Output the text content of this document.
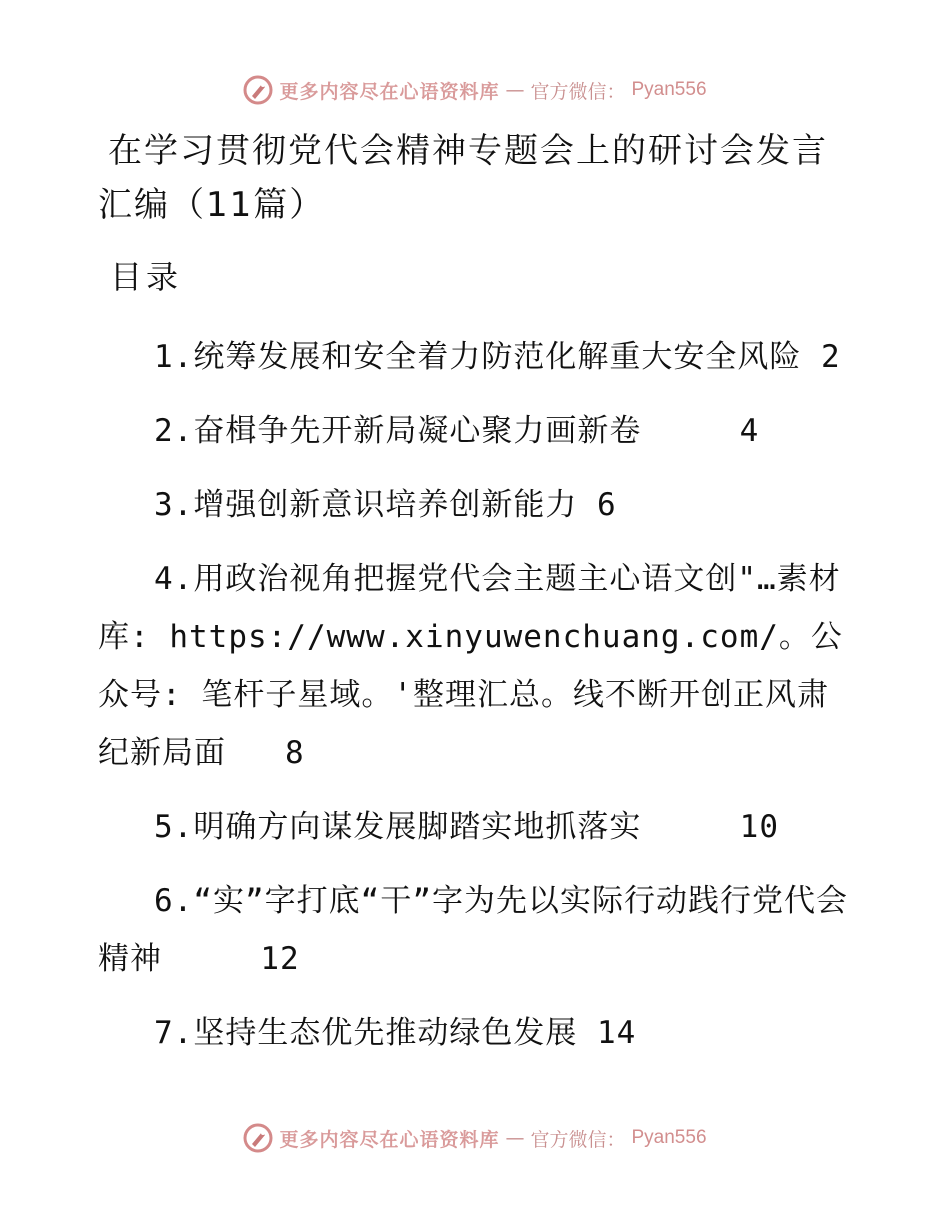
更多内容尽在心语资料库 — 官方微信： Pyan556
在学习贯彻党代会精神专题会上的研讨会发言汇编（11篇）
目录
1.统筹发展和安全着力防范化解重大安全风险 2
2.奋楫争先开新局凝心聚力画新卷     4
3.增强创新意识培养创新能力 6
4.用政治视角把握党代会主题主心语文创"…素材库: https://www.xinyuwenchuang.com/。公众号: 笔杆子星域。'整理汇总。线不断开创正风肃纪新局面   8
5.明确方向谋发展脚踏实地抓落实     10
6.“实”字打底“干”字为先以实际行动践行党代会精神     12
7.坚持生态优先推动绿色发展 14
更多内容尽在心语资料库 — 官方微信： Pyan556
